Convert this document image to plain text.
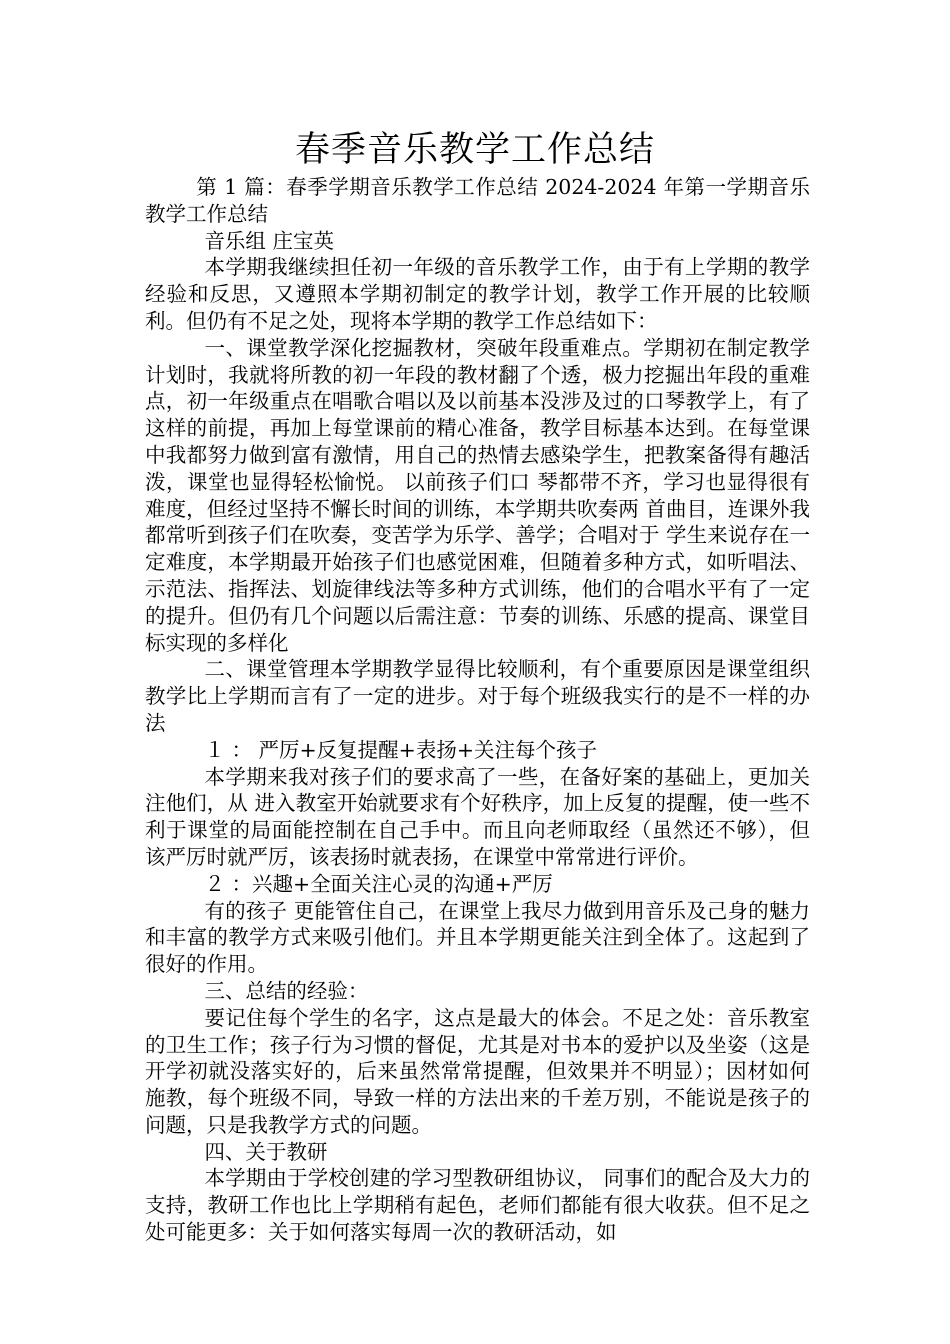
春季音乐教学工作总结

第 1 篇：春季学期音乐教学工作总结 2024-2024 年第一学期音乐教学工作总结

音乐组 庄宝英

本学期我继续担任初一年级的音乐教学工作，由于有上学期的教学经验和反思，又遵照本学期初制定的教学计划，教学工作开展的比较顺利。但仍有不足之处，现将本学期的教学工作总结如下：

一、课堂教学深化挖掘教材，突破年段重难点。学期初在制定教学计划时，我就将所教的初一年段的教材翻了个透，极力挖掘出年段的重难点，初一年级重点在唱歌合唱以及以前基本没涉及过的口琴教学上，有了这样的前提，再加上每堂课前的精心准备，教学目标基本达到。在每堂课中我都努力做到富有激情，用自己的热情去感染学生，把教案备得有趣活泼，课堂也显得轻松愉悦。 以前孩子们口 琴都带不齐，学习也显得很有难度，但经过坚持不懈长时间的训练，本学期共吹奏两 首曲目，连课外我都常听到孩子们在吹奏，变苦学为乐学、善学；合唱对于 学生来说存在一定难度，本学期最开始孩子们也感觉困难，但随着多种方式，如听唱法、示范法、指挥法、划旋律线法等多种方式训练，他们的合唱水平有了一定的提升。但仍有几个问题以后需注意：节奏的训练、乐感的提高、课堂目标实现的多样化

二、课堂管理本学期教学显得比较顺利，有个重要原因是课堂组织教学比上学期而言有了一定的进步。对于每个班级我实行的是不一样的办法

１ ： 严厉+反复提醒+表扬+关注每个孩子

本学期来我对孩子们的要求高了一些，在备好案的基础上，更加关注他们，从 进入教室开始就要求有个好秩序，加上反复的提醒，使一些不利于课堂的局面能控制在自己手中。而且向老师取经（虽然还不够），但该严厉时就严厉，该表扬时就表扬，在课堂中常常进行评价。

２ ：兴趣+全面关注心灵的沟通+严厉

有的孩子 更能管住自己，在课堂上我尽力做到用音乐及己身的魅力和丰富的教学方式来吸引他们。并且本学期更能关注到全体了。这起到了很好的作用。

三、总结的经验：

要记住每个学生的名字，这点是最大的体会。不足之处：音乐教室的卫生工作；孩子行为习惯的督促，尤其是对书本的爱护以及坐姿（这是开学初就没落实好的，后来虽然常常提醒，但效果并不明显）；因材如何施教，每个班级不同，导致一样的方法出来的千差万别，不能说是孩子的问题，只是我教学方式的问题。

四、关于教研

本学期由于学校创建的学习型教研组协议， 同事们的配合及大力的支持，教研工作也比上学期稍有起色，老师们都能有很大收获。但不足之处可能更多：关于如何落实每周一次的教研活动，如
